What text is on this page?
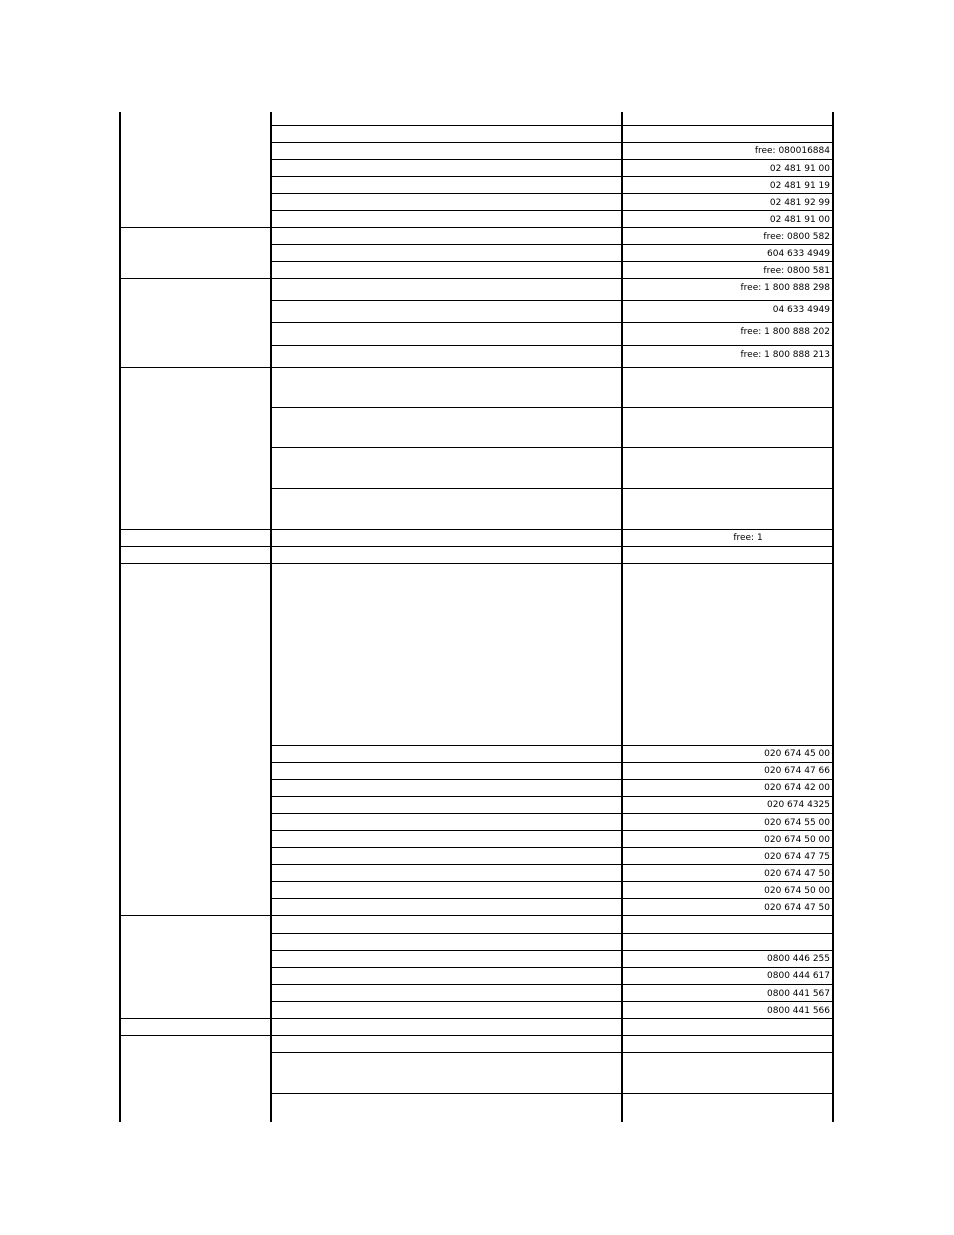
free: 080016884
02 481 91 00
02 481 91 19
02 481 92 99
02 481 91 00
free: 0800 582
604 633 4949
free: 0800 581
free: 1 800 888 298
04 633 4949
free: 1 800 888 202
free: 1 800 888 213
free: 1
020 674 45 00
020 674 47 66
020 674 42 00
020 674 4325
020 674 55 00
020 674 50 00
020 674 47 75
020 674 47 50
020 674 50 00
020 674 47 50
0800 446 255
0800 444 617
0800 441 567
0800 441 566
